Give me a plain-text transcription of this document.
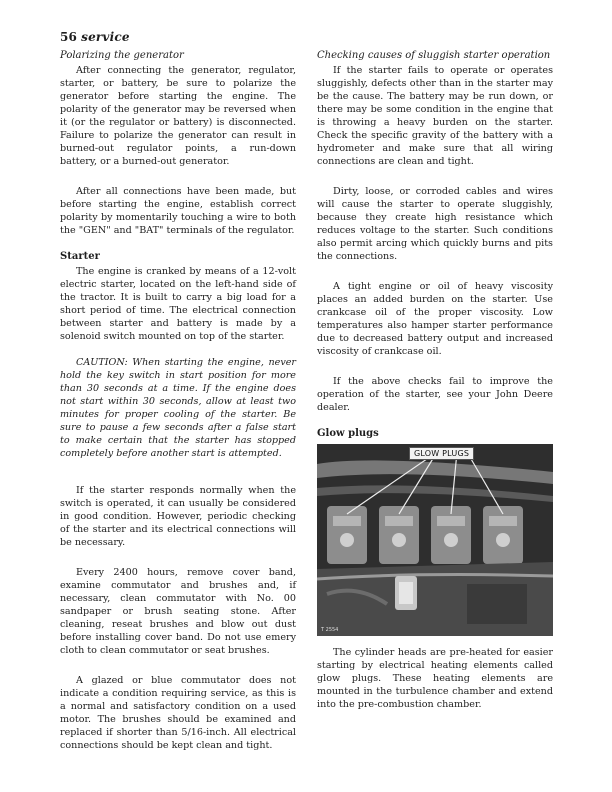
56 service
Polarizing the generator

After connecting the generator, regulator, starter, or battery, be sure to polarize the generator before starting the engine. The polarity of the generator may be reversed when it (or the regulator or battery) is disconnected. Failure to polarize the generator can result in burned-out regulator points, a run-down battery, or a burned-out generator.

After all connections have been made, but before starting the engine, establish correct polarity by momentarily touching a wire to both the "GEN" and "BAT" terminals of the regulator.

Starter

The engine is cranked by means of a 12-volt electric starter, located on the left-hand side of the tractor. It is built to carry a big load for a short period of time. The electrical connection between starter and battery is made by a solenoid switch mounted on top of the starter.

CAUTION: When starting the engine, never hold the key switch in start position for more than 30 seconds at a time. If the engine does not start within 30 seconds, allow at least two minutes for proper cooling of the starter. Be sure to pause a few seconds after a false start to make certain that the starter has stopped completely before another start is attempted.

If the starter responds normally when the switch is operated, it can usually be considered in good condition. However, periodic checking of the starter and its electrical connections will be necessary.

Every 2400 hours, remove cover band, examine commutator and brushes and, if necessary, clean commutator with No. 00 sandpaper or brush seating stone. After cleaning, reseat brushes and blow out dust before installing cover band. Do not use emery cloth to clean commutator or seat brushes.

A glazed or blue commutator does not indicate a condition requiring service, as this is a normal and satisfactory condition on a used motor. The brushes should be examined and replaced if shorter than 5/16-inch. All electrical connections should be kept clean and tight.

Checking causes of sluggish starter operation

If the starter fails to operate or operates sluggishly, defects other than in the starter may be the cause. The battery may be run down, or there may be some condition in the engine that is throwing a heavy burden on the starter. Check the specific gravity of the battery with a hydrometer and make sure that all wiring connections are clean and tight.

Dirty, loose, or corroded cables and wires will cause the starter to operate sluggishly, because they create high resistance which reduces voltage to the starter. Such conditions also permit arcing which quickly burns and pits the connections.

A tight engine or oil of heavy viscosity places an added burden on the starter. Use crankcase oil of the proper viscosity. Low temperatures also hamper starter performance due to decreased battery output and increased viscosity of crankcase oil.

If the above checks fail to improve the operation of the starter, see your John Deere dealer.

Glow plugs
GLOW PLUGS
T 2554

The cylinder heads are pre-heated for easier starting by electrical heating elements called glow plugs. These heating elements are mounted in the turbulence chamber and extend into the pre-combustion chamber.
